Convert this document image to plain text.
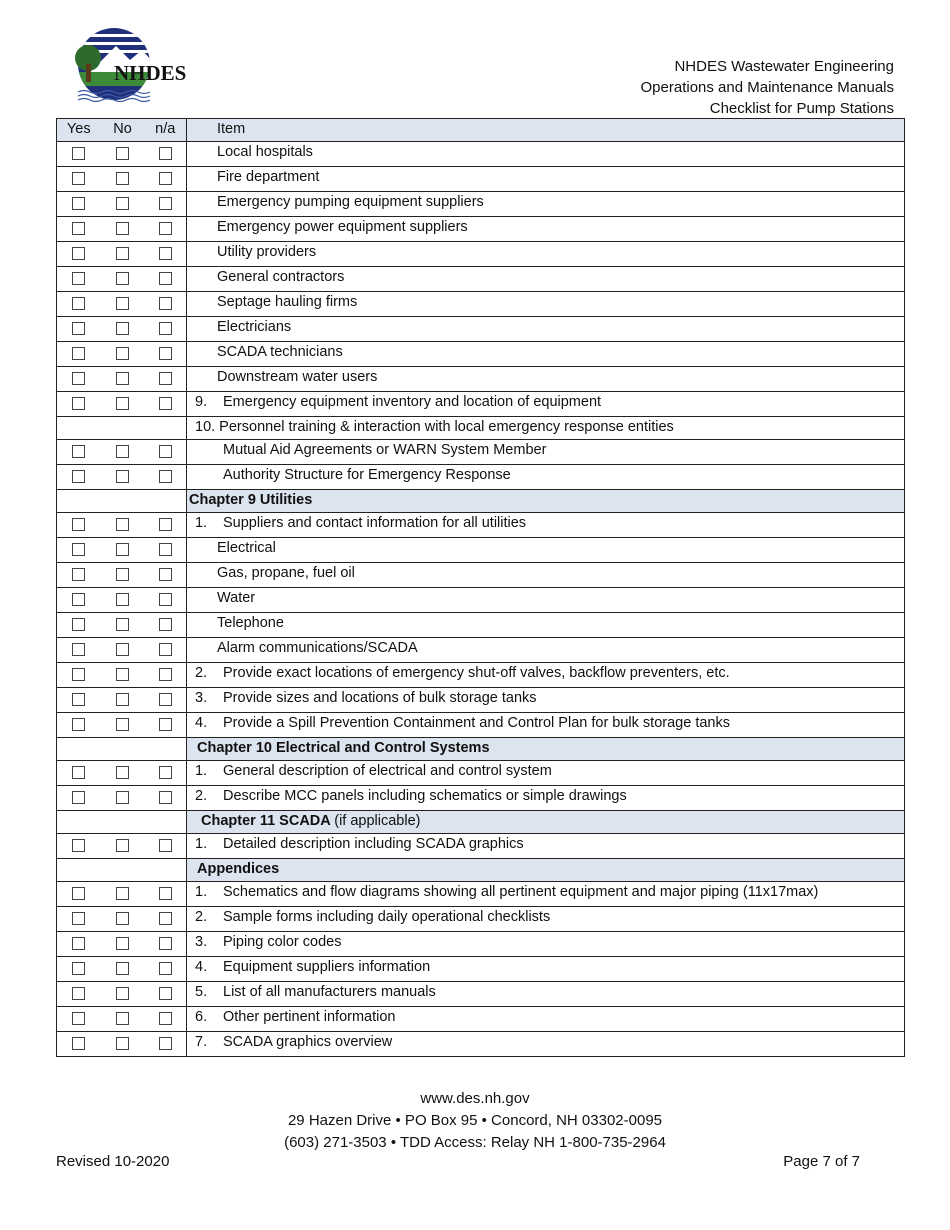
NHDES	NHDES Wastewater Engineering
Operations and Maintenance Manuals
Checklist for Pump Stations
Yes	No	n/a	Item
			Local hospitals
			Fire department
			Emergency pumping equipment suppliers
			Emergency power equipment suppliers
			Utility providers
			General contractors
			Septage hauling firms
			Electricians
			SCADA technicians
			Downstream water users
			9. Emergency equipment inventory and location of equipment
			10. Personnel training & interaction with local emergency response entities
			Mutual Aid Agreements or WARN System Member
			Authority Structure for Emergency Response
			Chapter 9 Utilities
			1. Suppliers and contact information for all utilities
			Electrical
			Gas, propane, fuel oil
			Water
			Telephone
			Alarm communications/SCADA
			2. Provide exact locations of emergency shut-off valves, backflow preventers, etc.
			3. Provide sizes and locations of bulk storage tanks
			4. Provide a Spill Prevention Containment and Control Plan for bulk storage tanks
			Chapter 10 Electrical and Control Systems
			1. General description of electrical and control system
			2. Describe MCC panels including schematics or simple drawings
			Chapter 11 SCADA (if applicable)
			1. Detailed description including SCADA graphics
			Appendices
			1. Schematics and flow diagrams showing all pertinent equipment and major piping (11x17max)
			2. Sample forms including daily operational checklists
			3. Piping color codes
			4. Equipment suppliers information
			5. List of all manufacturers manuals
			6. Other pertinent information
			7. SCADA graphics overview
www.des.nh.gov
29 Hazen Drive • PO Box 95 • Concord, NH 03302-0095
(603) 271-3503 • TDD Access: Relay NH 1-800-735-2964
Revised 10-2020	Page 7 of 7
